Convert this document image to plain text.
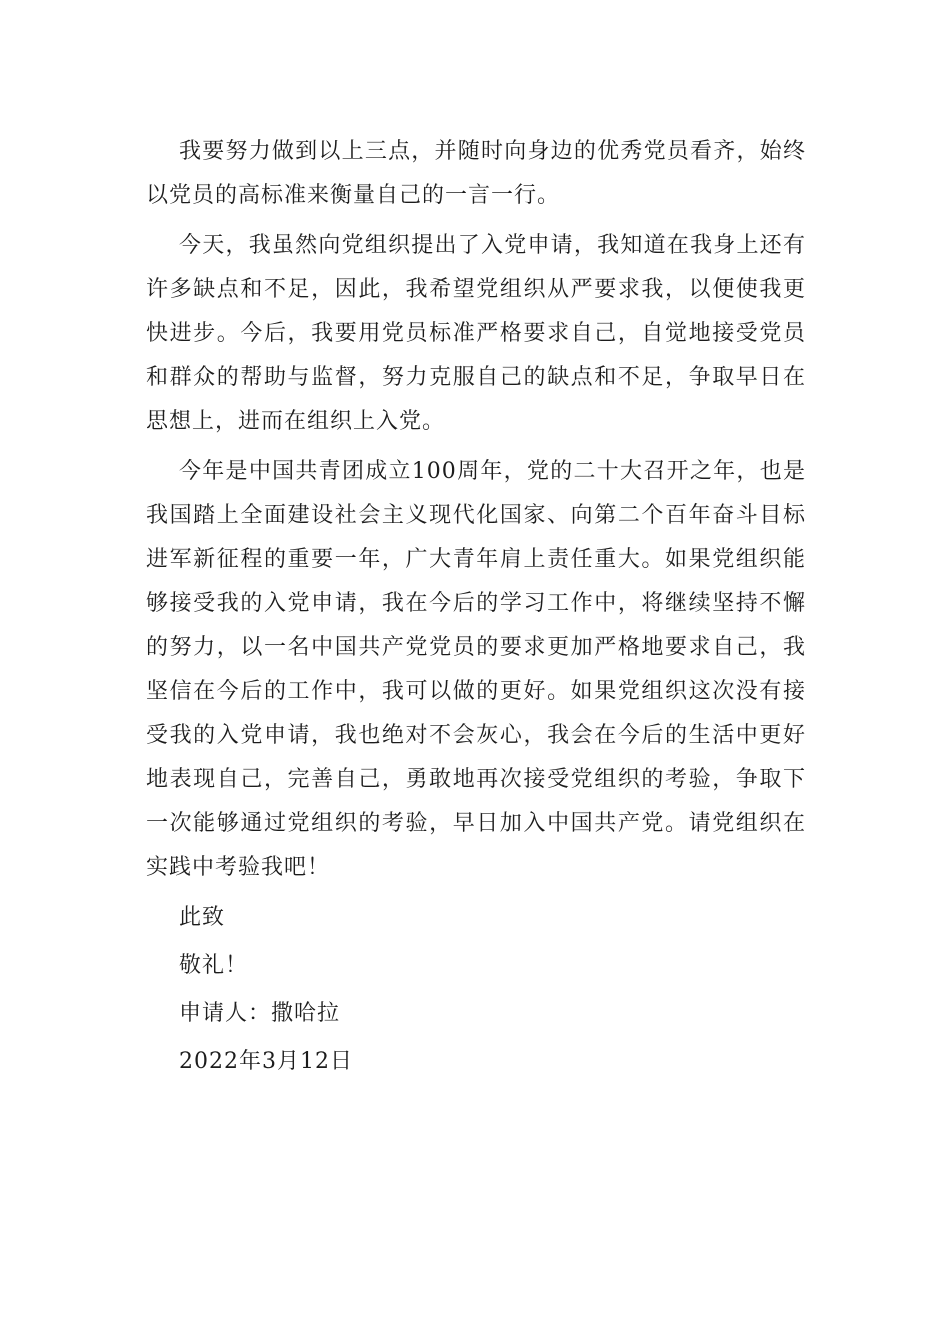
我要努力做到以上三点，并随时向身边的优秀党员看齐，始终以党员的高标准来衡量自己的一言一行。

今天，我虽然向党组织提出了入党申请，我知道在我身上还有许多缺点和不足，因此，我希望党组织从严要求我，以便使我更快进步。今后，我要用党员标准严格要求自己，自觉地接受党员和群众的帮助与监督，努力克服自己的缺点和不足，争取早日在思想上，进而在组织上入党。

今年是中国共青团成立100周年，党的二十大召开之年，也是我国踏上全面建设社会主义现代化国家、向第二个百年奋斗目标进军新征程的重要一年，广大青年肩上责任重大。如果党组织能够接受我的入党申请，我在今后的学习工作中，将继续坚持不懈的努力，以一名中国共产党党员的要求更加严格地要求自己，我坚信在今后的工作中，我可以做的更好。如果党组织这次没有接受我的入党申请，我也绝对不会灰心，我会在今后的生活中更好地表现自己，完善自己，勇敢地再次接受党组织的考验，争取下一次能够通过党组织的考验，早日加入中国共产党。请党组织在实践中考验我吧！

此致

敬礼！

申请人：撒哈拉

2022年3月12日
